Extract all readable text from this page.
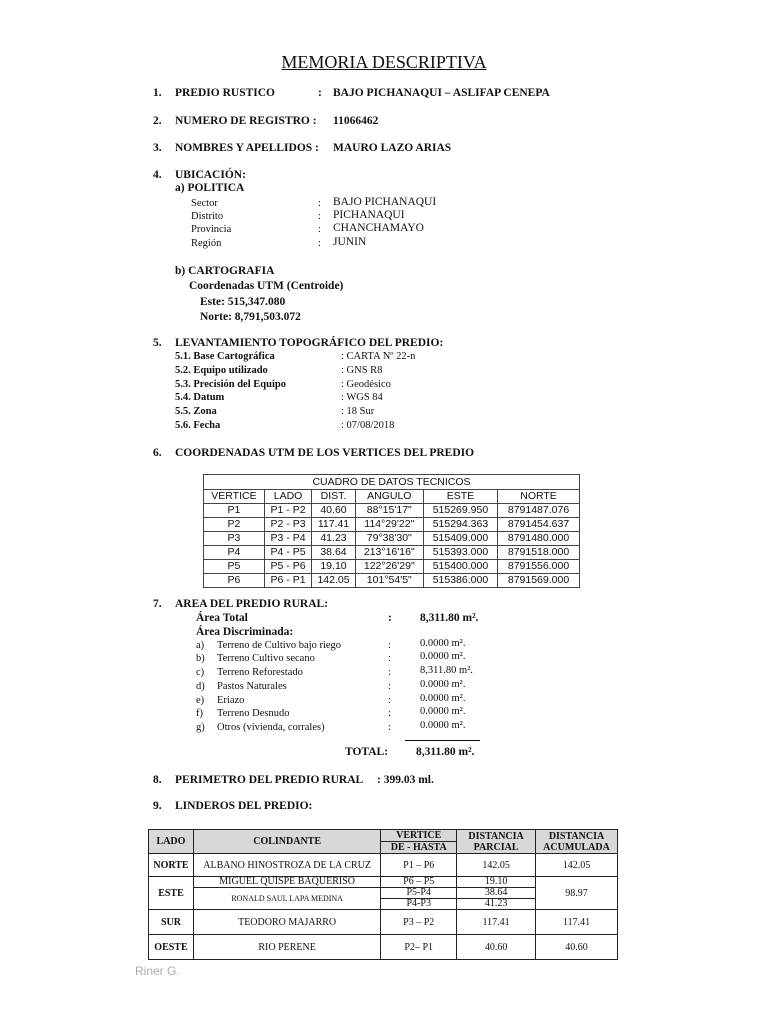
MEMORIA DESCRIPTIVA
1. PREDIO RUSTICO	: BAJO PICHANAQUI – ASLIFAP CENEPA
2. NUMERO DE REGISTRO : 11066462
3. NOMBRES Y APELLIDOS : MAURO LAZO ARIAS
4. UBICACIÓN:
a) POLITICA
Sector	: BAJO PICHANAQUI
Distrito	: PICHANAQUI
Provincia	: CHANCHAMAYO
Región	: JUNIN
b) CARTOGRAFIA
Coordenadas UTM (Centroide)
Este: 515,347.080
Norte: 8,791,503.072
5. LEVANTAMIENTO TOPOGRÁFICO DEL PREDIO:
5.1. Base Cartográfica	: CARTA Nº 22-n
5.2. Equipo utilizado	: GNS R8
5.3. Precisión del Equipo	: Geodésico
5.4. Datum	: WGS 84
5.5. Zona	: 18 Sur
5.6. Fecha	: 07/08/2018
6. COORDENADAS UTM DE LOS VERTICES DEL PREDIO
CUADRO DE DATOS TECNICOS					
VERTICE	LADO	DIST.	ANGULO	ESTE	NORTE
P1	P1 - P2	40.60	88°15'17"	515269.950	8791487.076
P2	P2 - P3	117.41	114°29'22"	515294.363	8791454.637
P3	P3 - P4	41.23	79°38'30"	515409.000	8791480.000
P4	P4 - P5	38.64	213°16'16"	515393.000	8791518.000
P5	P5 - P6	19.10	122°26'29"	515400.000	8791556.000
P6	P6 - P1	142.05	101°54'5"	515386.000	8791569.000
7. AREA DEL PREDIO RURAL:
Área Total	: 8,311.80 m².
Área Discriminada:
a) Terreno de Cultivo bajo riego	:	0.0000 m².
b) Terreno Cultivo secano	:	0.0000 m².
c) Terreno Reforestado	:	8,311.80 m².
d) Pastos Naturales	:	0.0000 m².
e) Eriazo	:	0.0000 m².
f) Terreno Desnudo	:	0.0000 m².
g) Otros (vivienda, corrales)	:	0.0000 m².
TOTAL: 8,311.80 m².
8. PERIMETRO DEL PREDIO RURAL : 399.03 ml.
9. LINDEROS DEL PREDIO:
LADO	COLINDANTE	VERTICE	DISTANCIA PARCIAL	DISTANCIA ACUMULADA
		DE - HASTA		
NORTE	ALBANO HINOSTROZA DE LA CRUZ	P1 – P6	142.05	142.05
ESTE	MIGUEL QUISPE BAQUERISO	P6 – P5	19.10	98.97
	RONALD SAUL LAPA MEDINA	P5-P4	38.64	
		P4-P3	41.23	
SUR	TEODORO MAJARRO	P3 – P2	117.41	117.41
OESTE	RIO PERENE	P2– P1	40.60	40.60
Riner G.
